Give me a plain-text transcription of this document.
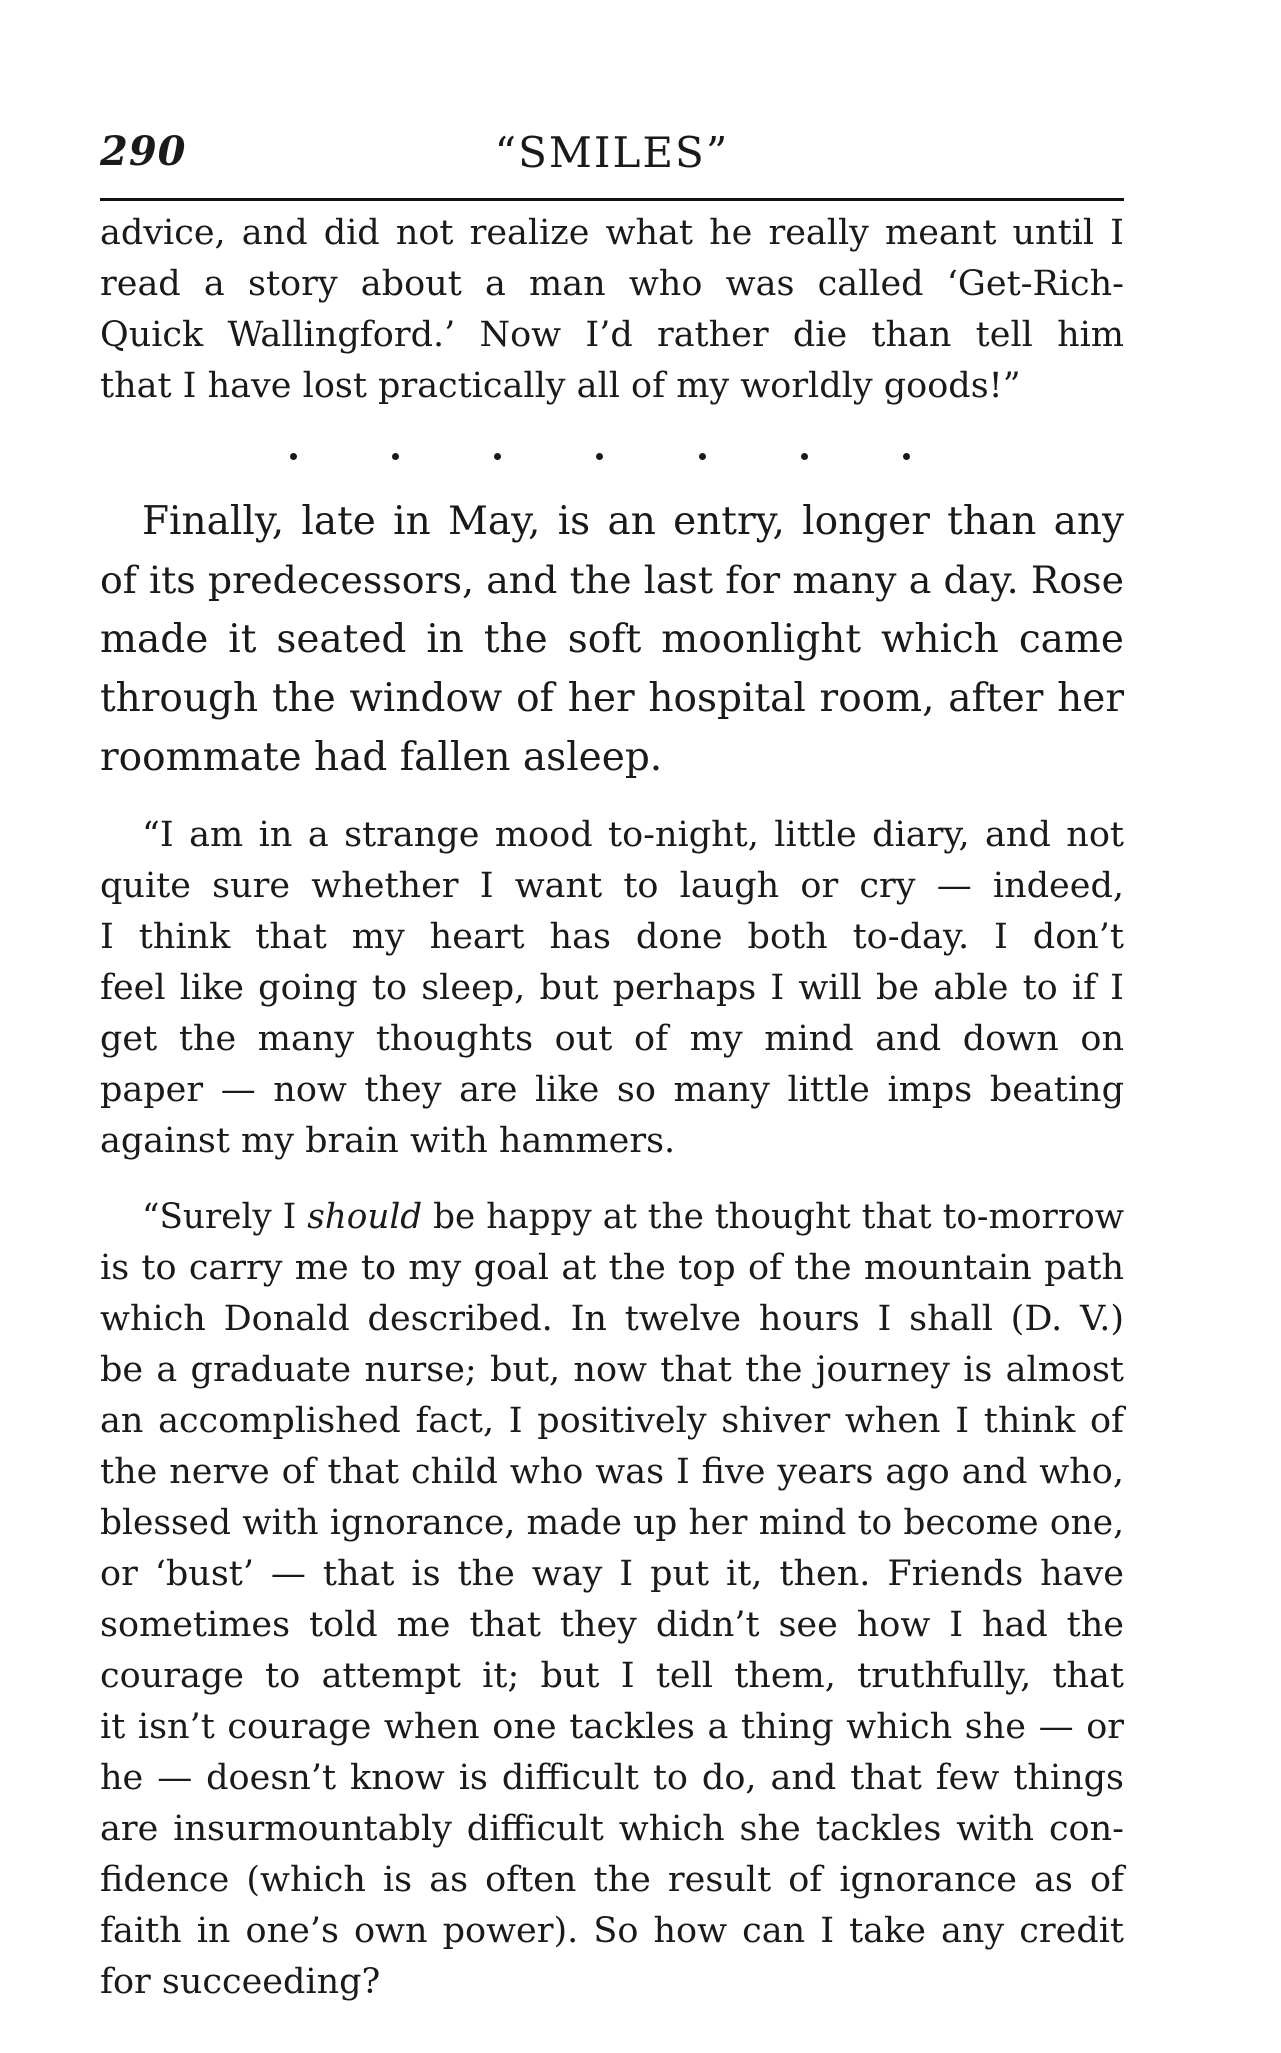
“SMILES”
290
advice, and did not realize what he really meant until I
read a story about a man who was called ‘Get-Rich-
Quick Wallingford.’ Now I’d rather die than tell him
that I have lost practically all of my worldly goods!”
Finally, late in May, is an entry, longer than any
of its predecessors, and the last for many a day. Rose
made it seated in the soft moonlight which came
through the window of her hospital room, after her
roommate had fallen asleep.
“I am in a strange mood to-night, little diary, and not
quite sure whether I want to laugh or cry — indeed,
I think that my heart has done both to-day. I don’t
feel like going to sleep, but perhaps I will be able to if I
get the many thoughts out of my mind and down on
paper — now they are like so many little imps beating
against my brain with hammers.
“Surely I should be happy at the thought that to-morrow
is to carry me to my goal at the top of the mountain path
which Donald described. In twelve hours I shall (D. V.)
be a graduate nurse; but, now that the journey is almost
an accomplished fact, I positively shiver when I think of
the nerve of that child who was I five years ago and who,
blessed with ignorance, made up her mind to become one,
or ‘bust’ — that is the way I put it, then. Friends have
sometimes told me that they didn’t see how I had the
courage to attempt it; but I tell them, truthfully, that
it isn’t courage when one tackles a thing which she — or
he — doesn’t know is difficult to do, and that few things
are insurmountably difficult which she tackles with con-
fidence (which is as often the result of ignorance as of
faith in one’s own power). So how can I take any credit
for succeeding?
